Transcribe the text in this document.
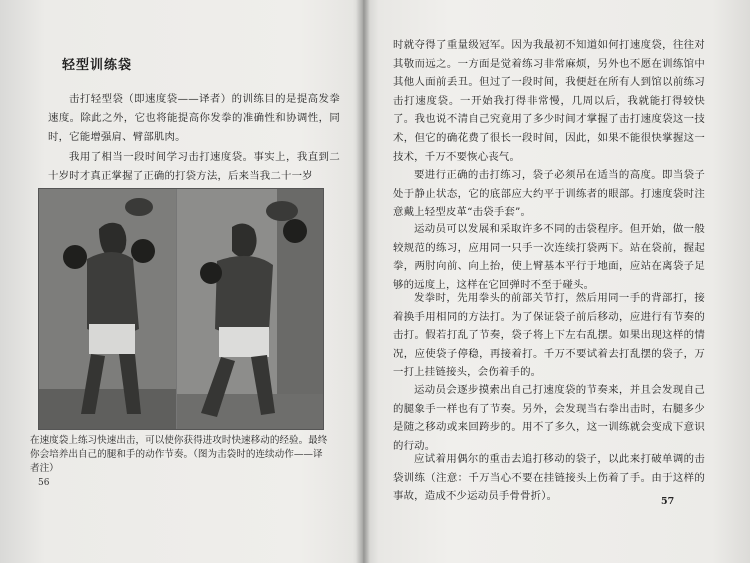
轻型训练袋
击打轻型袋（即速度袋——译者）的训练目的是提高发拳速度。除此之外，它也将能提高你发拳的准确性和协调性，同时，它能增强肩、臂部肌肉。
我用了相当一段时间学习击打速度袋。事实上，我直到二十岁时才真正掌握了正确的打袋方法，后来当我二十一岁
在速度袋上练习快速出击，可以使你获得进攻时快速移动的经验。最终你会培养出自己的腿和手的动作节奏。（图为击袋时的连续动作——译者注）
56
时就夺得了重量级冠军。因为我最初不知道如何打速度袋，往往对其敬而远之。一方面是觉着练习非常麻烦，另外也不愿在训练馆中其他人面前丢丑。但过了一段时间，我便赶在所有人到馆以前练习击打速度袋。一开始我打得非常慢，几周以后，我就能打得较快了。我也说不清自己究竟用了多少时间才掌握了击打速度袋这一技术，但它的确花费了很长一段时间，因此，如果不能很快掌握这一技术，千万不要恢心丧气。
要进行正确的击打练习，袋子必须吊在适当的高度。即当袋子处于静止状态，它的底部应大约平于训练者的眼部。打速度袋时注意戴上轻型皮革“击袋手套”。
运动员可以发展和采取许多不同的击袋程序。但开始，做一般较规范的练习，应用同一只手一次连续打袋两下。站在袋前，握起拳，两肘向前、向上抬，使上臂基本平行于地面，应站在离袋子足够的远度上，这样在它回弹时不至于碰头。
发拳时，先用拳头的前部关节打，然后用同一手的背部打，接着换手用相同的方法打。为了保证袋子前后移动，应进行有节奏的击打。假若打乱了节奏，袋子将上下左右乱摆。如果出现这样的情况，应使袋子停稳，再接着打。千万不要试着去打乱摆的袋子，万一打上挂链接头，会伤着手的。
运动员会逐步摸索出自己打速度袋的节奏来，并且会发现自己的腿象手一样也有了节奏。另外，会发现当右拳出击时，右腿多少是随之移动或来回跨步的。用不了多久，这一训练就会变成下意识的行动。
应试着用偶尔的重击去追打移动的袋子，以此来打破单调的击袋训练（注意：千万当心不要在挂链接头上伤着了手。由于这样的事故，造成不少运动员手骨骨折）。	57
